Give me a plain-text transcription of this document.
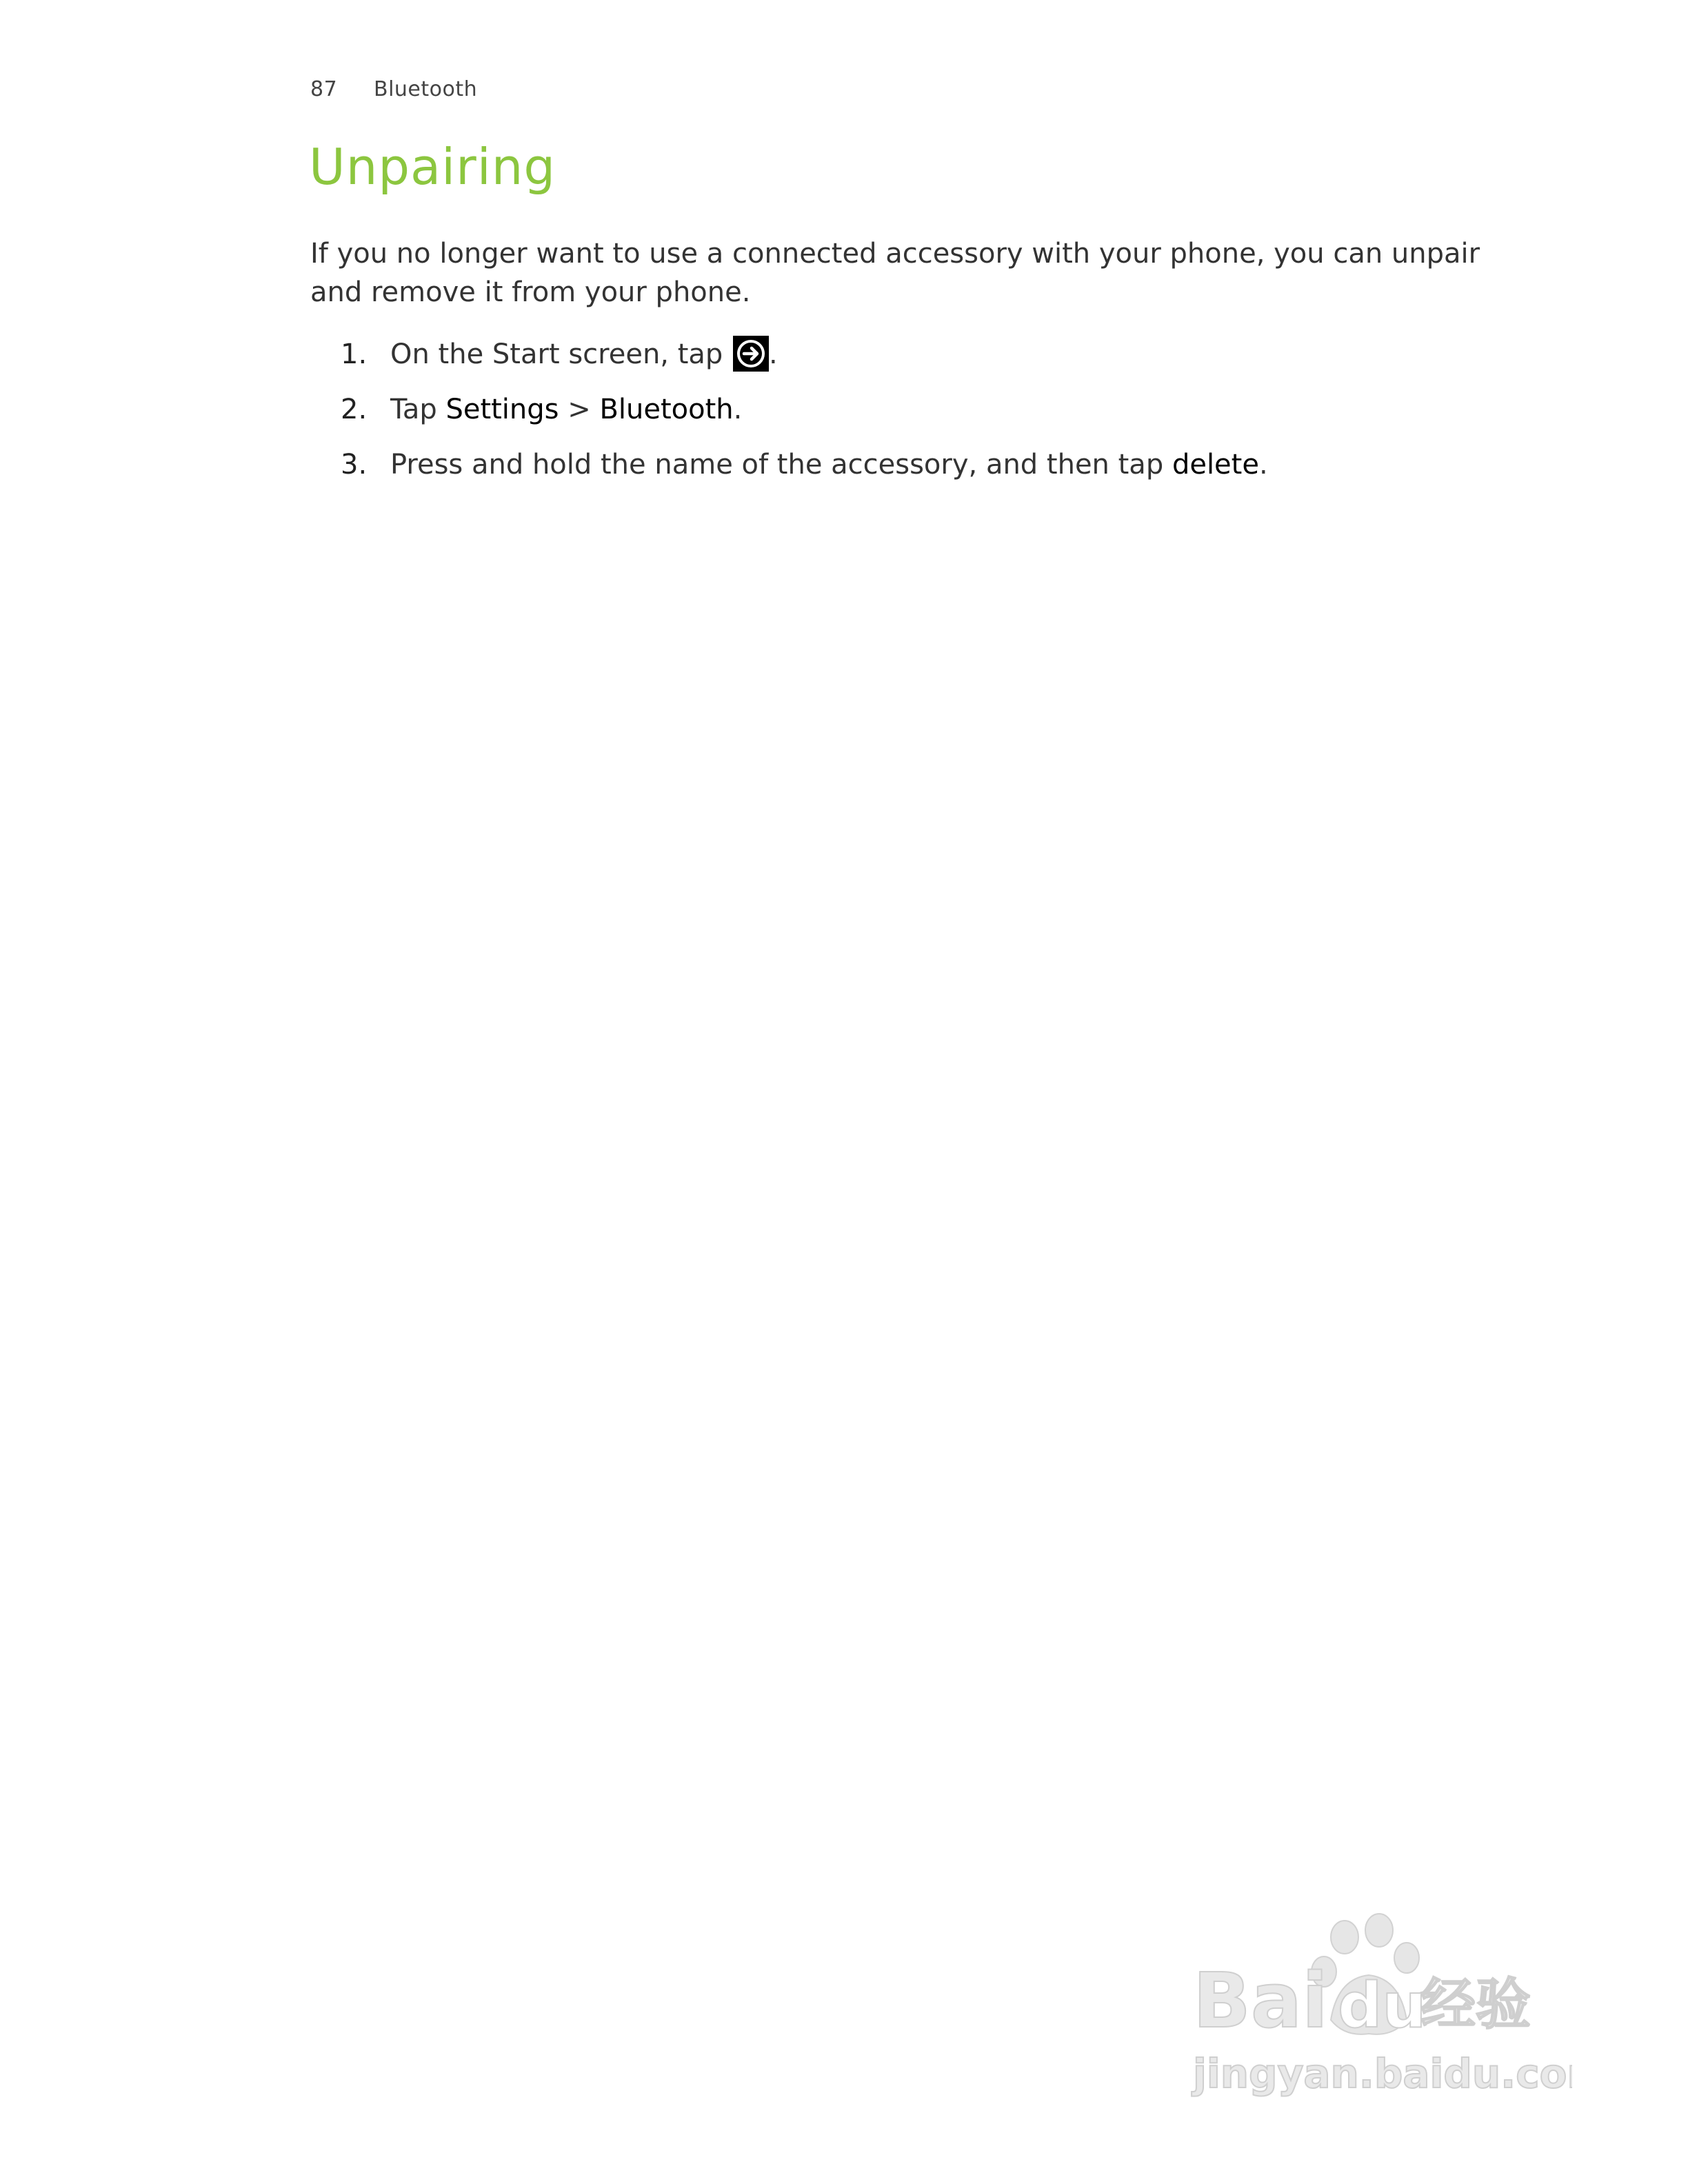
87 Bluetooth
Unpairing

If you no longer want to use a connected accessory with your phone, you can unpair and remove it from your phone.

1. On the Start screen, tap .
2. Tap Settings > Bluetooth.
3. Press and hold the name of the accessory, and then tap delete.
Bai du
经验
jingyan.baidu.com
